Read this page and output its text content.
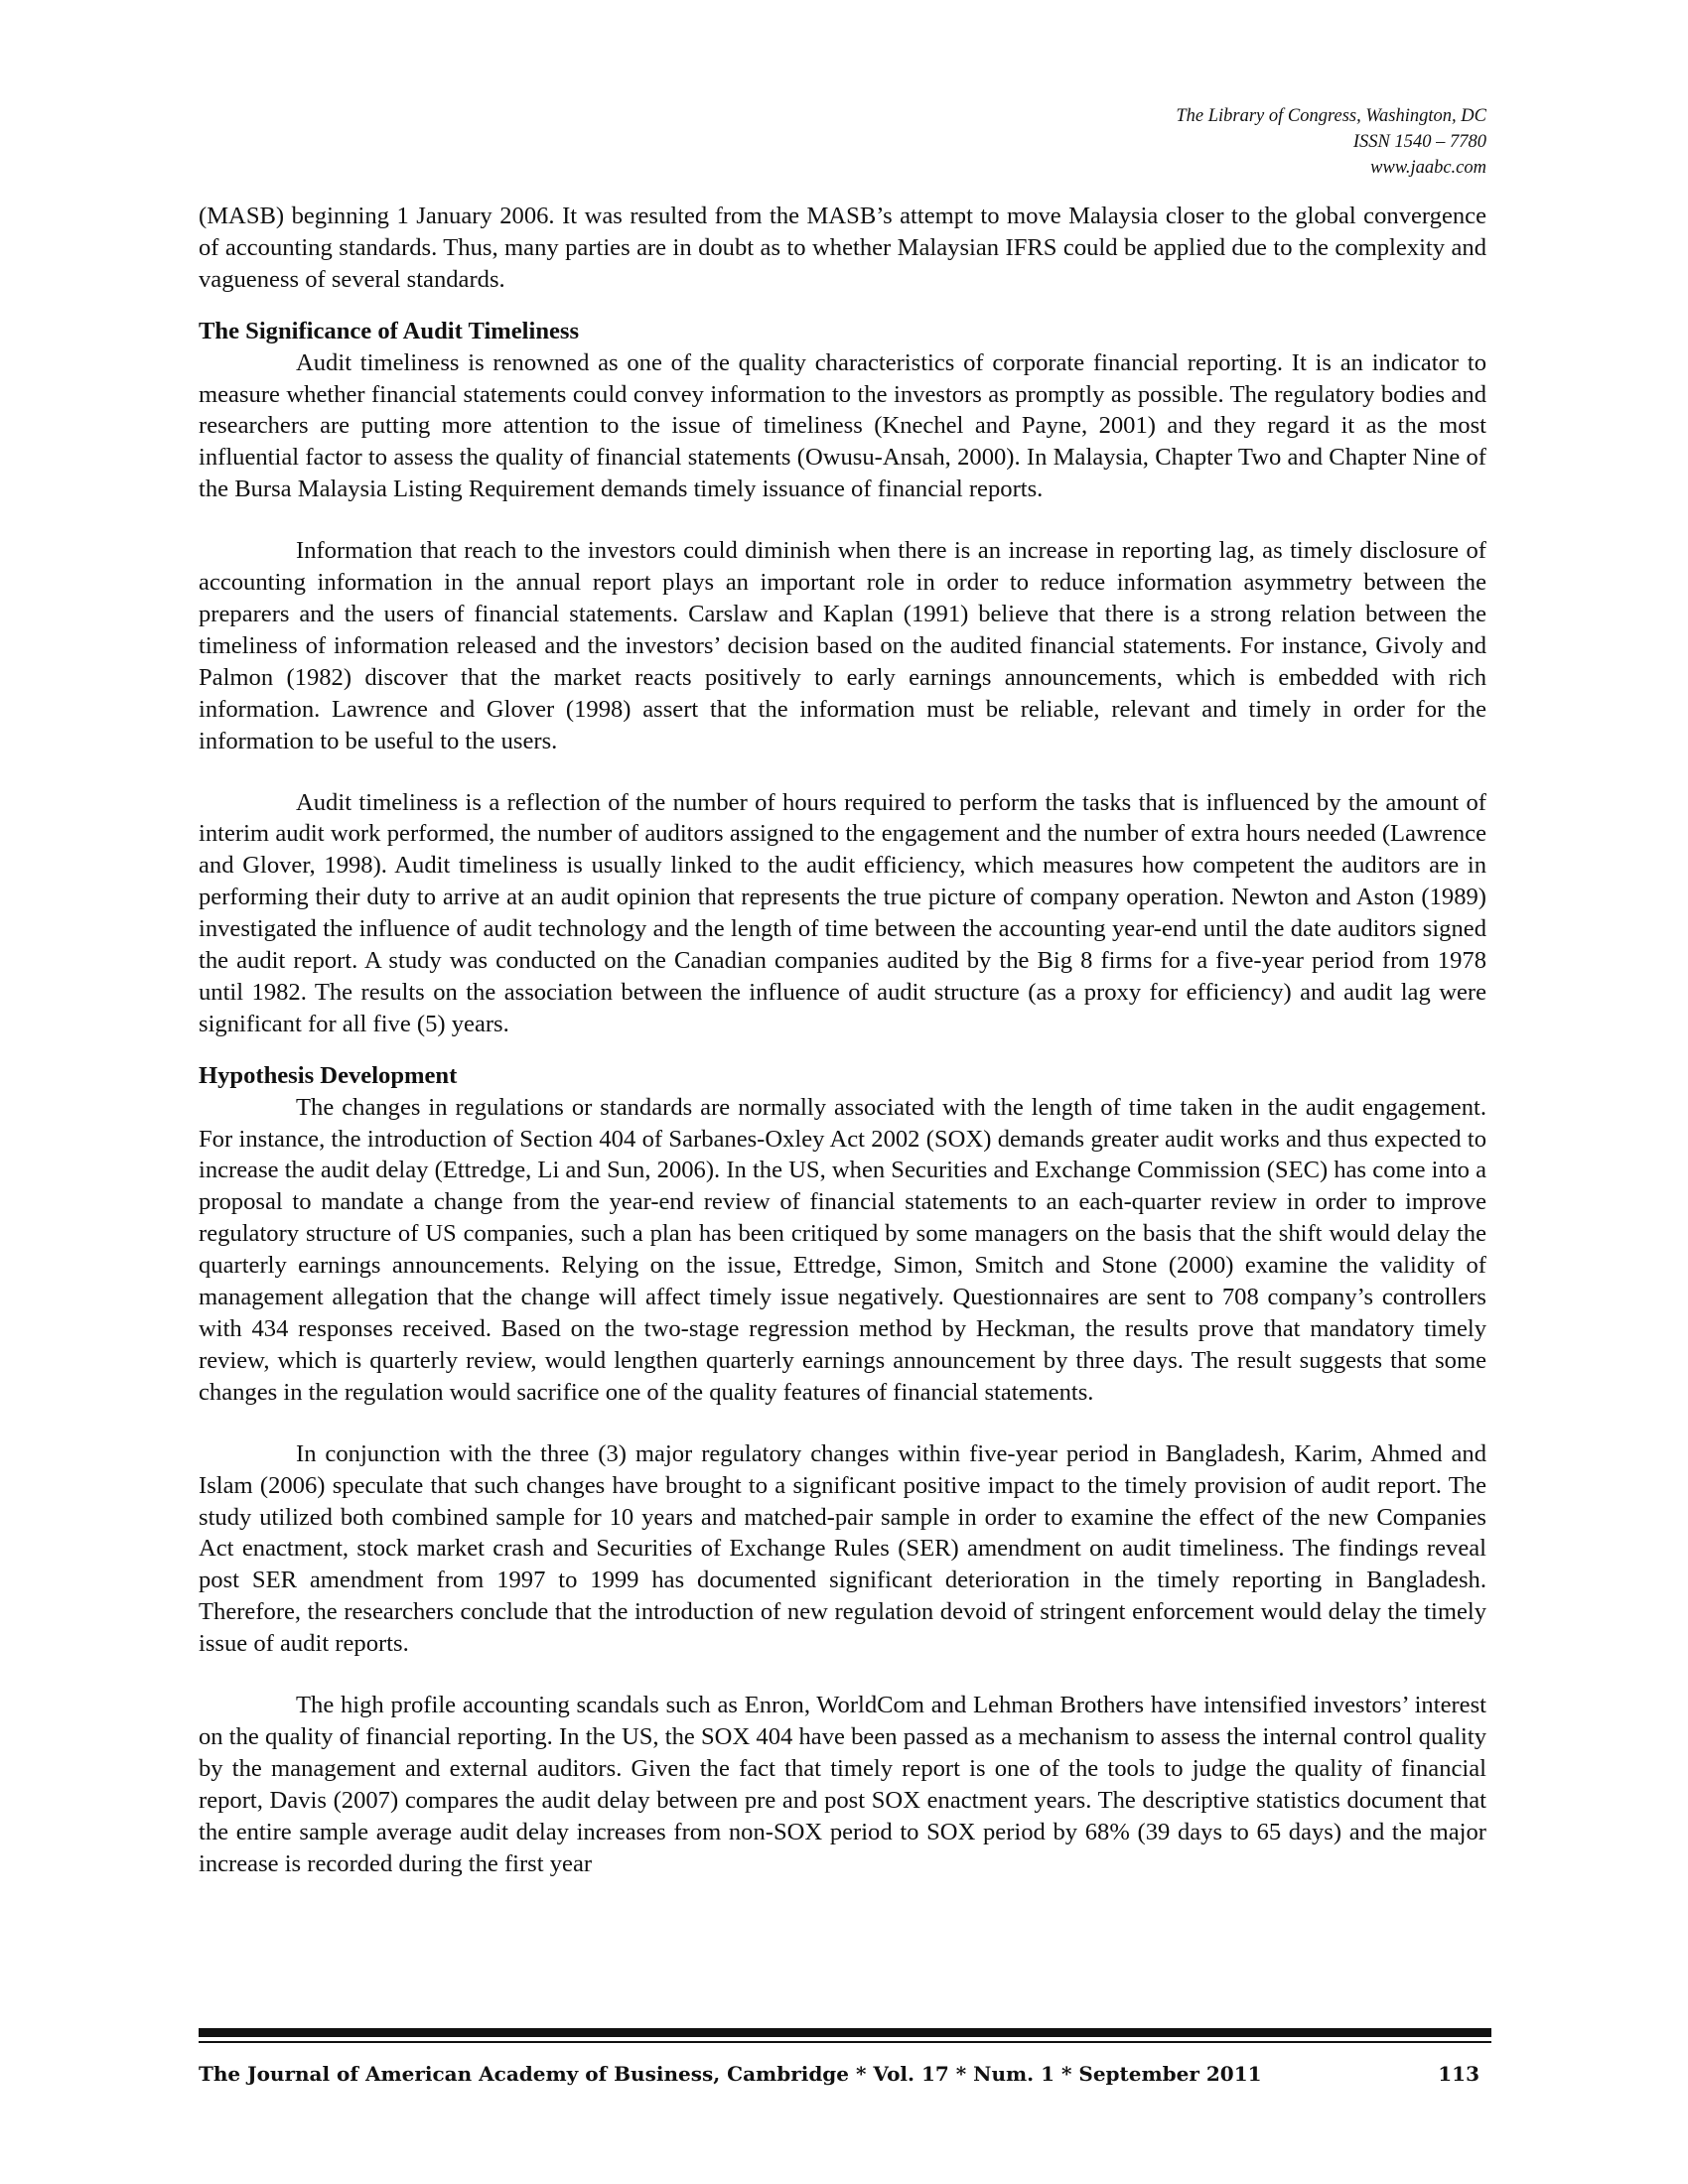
The Library of Congress, Washington, DC
ISSN 1540 – 7780
www.jaabc.com

(MASB) beginning 1 January 2006. It was resulted from the MASB’s attempt to move Malaysia closer to the global convergence of accounting standards. Thus, many parties are in doubt as to whether Malaysian IFRS could be applied due to the complexity and vagueness of several standards.

The Significance of Audit Timeliness

Audit timeliness is renowned as one of the quality characteristics of corporate financial reporting. It is an indicator to measure whether financial statements could convey information to the investors as promptly as possible. The regulatory bodies and researchers are putting more attention to the issue of timeliness (Knechel and Payne, 2001) and they regard it as the most influential factor to assess the quality of financial statements (Owusu-Ansah, 2000). In Malaysia, Chapter Two and Chapter Nine of the Bursa Malaysia Listing Requirement demands timely issuance of financial reports.

Information that reach to the investors could diminish when there is an increase in reporting lag, as timely disclosure of accounting information in the annual report plays an important role in order to reduce information asymmetry between the preparers and the users of financial statements. Carslaw and Kaplan (1991) believe that there is a strong relation between the timeliness of information released and the investors’ decision based on the audited financial statements. For instance, Givoly and Palmon (1982) discover that the market reacts positively to early earnings announcements, which is embedded with rich information. Lawrence and Glover (1998) assert that the information must be reliable, relevant and timely in order for the information to be useful to the users.

Audit timeliness is a reflection of the number of hours required to perform the tasks that is influenced by the amount of interim audit work performed, the number of auditors assigned to the engagement and the number of extra hours needed (Lawrence and Glover, 1998). Audit timeliness is usually linked to the audit efficiency, which measures how competent the auditors are in performing their duty to arrive at an audit opinion that represents the true picture of company operation. Newton and Aston (1989) investigated the influence of audit technology and the length of time between the accounting year-end until the date auditors signed the audit report. A study was conducted on the Canadian companies audited by the Big 8 firms for a five-year period from 1978 until 1982. The results on the association between the influence of audit structure (as a proxy for efficiency) and audit lag were significant for all five (5) years.

Hypothesis Development

The changes in regulations or standards are normally associated with the length of time taken in the audit engagement. For instance, the introduction of Section 404 of Sarbanes-Oxley Act 2002 (SOX) demands greater audit works and thus expected to increase the audit delay (Ettredge, Li and Sun, 2006). In the US, when Securities and Exchange Commission (SEC) has come into a proposal to mandate a change from the year-end review of financial statements to an each-quarter review in order to improve regulatory structure of US companies, such a plan has been critiqued by some managers on the basis that the shift would delay the quarterly earnings announcements. Relying on the issue, Ettredge, Simon, Smitch and Stone (2000) examine the validity of management allegation that the change will affect timely issue negatively. Questionnaires are sent to 708 company’s controllers with 434 responses received. Based on the two-stage regression method by Heckman, the results prove that mandatory timely review, which is quarterly review, would lengthen quarterly earnings announcement by three days. The result suggests that some changes in the regulation would sacrifice one of the quality features of financial statements.

In conjunction with the three (3) major regulatory changes within five-year period in Bangladesh, Karim, Ahmed and Islam (2006) speculate that such changes have brought to a significant positive impact to the timely provision of audit report. The study utilized both combined sample for 10 years and matched-pair sample in order to examine the effect of the new Companies Act enactment, stock market crash and Securities of Exchange Rules (SER) amendment on audit timeliness. The findings reveal post SER amendment from 1997 to 1999 has documented significant deterioration in the timely reporting in Bangladesh. Therefore, the researchers conclude that the introduction of new regulation devoid of stringent enforcement would delay the timely issue of audit reports.

The high profile accounting scandals such as Enron, WorldCom and Lehman Brothers have intensified investors’ interest on the quality of financial reporting. In the US, the SOX 404 have been passed as a mechanism to assess the internal control quality by the management and external auditors. Given the fact that timely report is one of the tools to judge the quality of financial report, Davis (2007) compares the audit delay between pre and post SOX enactment years. The descriptive statistics document that the entire sample average audit delay increases from non-SOX period to SOX period by 68% (39 days to 65 days) and the major increase is recorded during the first year

The Journal of American Academy of Business, Cambridge * Vol. 17 * Num. 1 * September 2011	113
